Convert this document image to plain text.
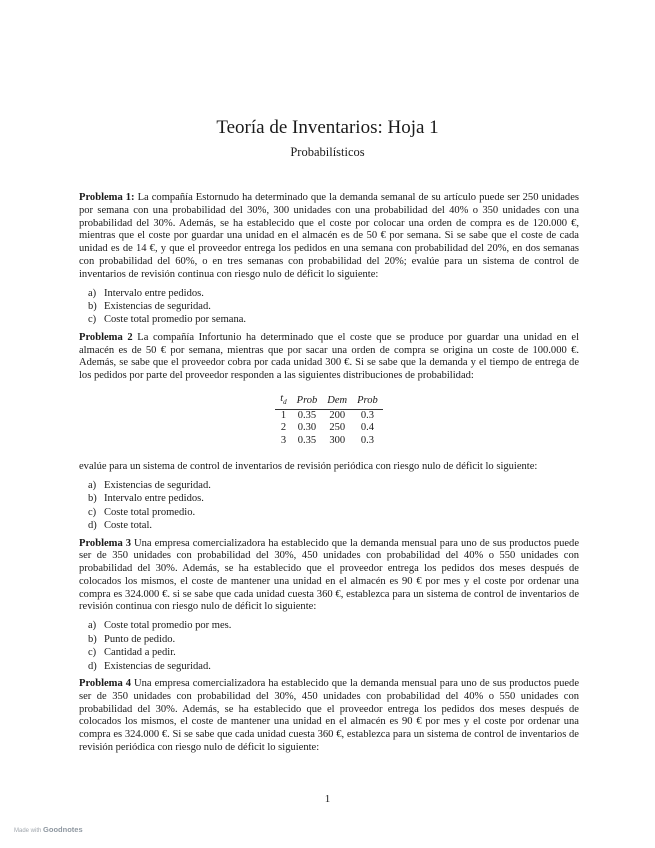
Teoría de Inventarios: Hoja 1
Probabilísticos

Problema 1: La compañía Estornudo ha determinado que la demanda semanal de su artículo puede ser 250 unidades por semana con una probabilidad del 30%, 300 unidades con una probabilidad del 40% o 350 unidades con una probabilidad del 30%. Además, se ha establecido que el coste por colocar una orden de compra es de 120.000 €, mientras que el coste por guardar una unidad en el almacén es de 50 € por semana. Si se sabe que el coste de cada unidad es de 14 €, y que el proveedor entrega los pedidos en una semana con probabilidad del 20%, en dos semanas con probabilidad del 60%, o en tres semanas con probabilidad del 20%; evalúe para un sistema de control de inventarios de revisión continua con riesgo nulo de déficit lo siguiente:

a) Intervalo entre pedidos.
b) Existencias de seguridad.
c) Coste total promedio por semana.

Problema 2 La compañía Infortunio ha determinado que el coste que se produce por guardar una unidad en el almacén es de 50 € por semana, mientras que por sacar una orden de compra se origina un coste de 100.000 €. Además, se sabe que el proveedor cobra por cada unidad 300 €. Si se sabe que la demanda y el tiempo de entrega de los pedidos por parte del proveedor responden a las siguientes distribuciones de probabilidad:

$t_d$	Prob	Dem	Prob
1	0.35	200	0.3
2	0.30	250	0.4
3	0.35	300	0.3

evalúe para un sistema de control de inventarios de revisión periódica con riesgo nulo de déficit lo siguiente:

a) Existencias de seguridad.
b) Intervalo entre pedidos.
c) Coste total promedio.
d) Coste total.

Problema 3 Una empresa comercializadora ha establecido que la demanda mensual para uno de sus productos puede ser de 350 unidades con probabilidad del 30%, 450 unidades con probabilidad del 40% o 550 unidades con probabilidad del 30%. Además, se ha establecido que el proveedor entrega los pedidos dos meses después de colocados los mismos, el coste de mantener una unidad en el almacén es 90 € por mes y el coste por ordenar una compra es 324.000 €. si se sabe que cada unidad cuesta 360 €, establezca para un sistema de control de inventarios de revisión continua con riesgo nulo de déficit lo siguiente:

a) Coste total promedio por mes.
b) Punto de pedido.
c) Cantidad a pedir.
d) Existencias de seguridad.

Problema 4 Una empresa comercializadora ha establecido que la demanda mensual para uno de sus productos puede ser de 350 unidades con probabilidad del 30%, 450 unidades con probabilidad del 40% o 550 unidades con probabilidad del 30%. Además, se ha establecido que el proveedor entrega los pedidos dos meses después de colocados los mismos, el coste de mantener una unidad en el almacén es 90 € por mes y el coste por ordenar una compra es 324.000 €. Si se sabe que cada unidad cuesta 360 €, establezca para un sistema de control de inventarios de revisión periódica con riesgo nulo de déficit lo siguiente:

1
Made with Goodnotes
